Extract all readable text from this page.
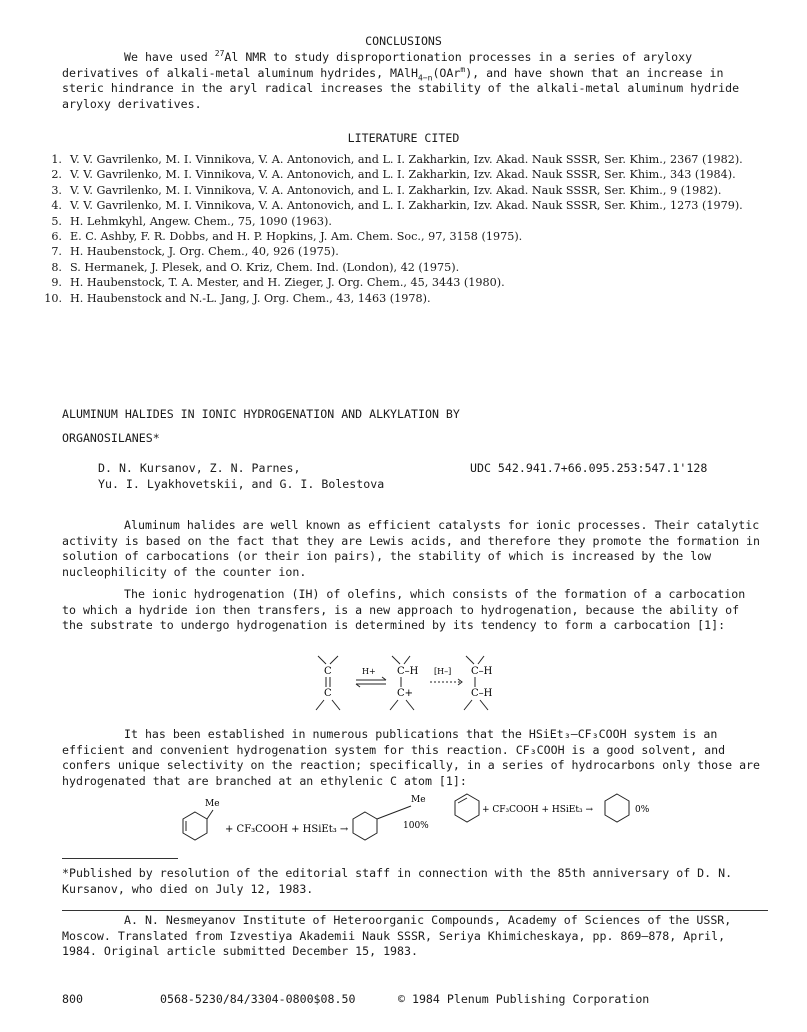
CONCLUSIONS
We have used $^{27}$Al NMR to study disproportionation processes in a series of aryloxy derivatives of alkali-metal aluminum hydrides, MAlH$_{4-n}$(OAr$^m$), and have shown that an increase in steric hindrance in the aryl radical increases the stability of the alkali-metal aluminum hydride aryloxy derivatives.
LITERATURE CITED
1. V. V. Gavrilenko, M. I. Vinnikova, V. A. Antonovich, and L. I. Zakharkin, Izv. Akad. Nauk SSSR, Ser. Khim., 2367 (1982).
2. V. V. Gavrilenko, M. I. Vinnikova, V. A. Antonovich, and L. I. Zakharkin, Izv. Akad. Nauk SSSR, Ser. Khim., 343 (1984).
3. V. V. Gavrilenko, M. I. Vinnikova, V. A. Antonovich, and L. I. Zakharkin, Izv. Akad. Nauk SSSR, Ser. Khim., 9 (1982).
4. V. V. Gavrilenko, M. I. Vinnikova, V. A. Antonovich, and L. I. Zakharkin, Izv. Akad. Nauk SSSR, Ser. Khim., 1273 (1979).
5. H. Lehmkyhl, Angew. Chem., 75, 1090 (1963).
6. E. C. Ashby, F. R. Dobbs, and H. P. Hopkins, J. Am. Chem. Soc., 97, 3158 (1975).
7. H. Haubenstock, J. Org. Chem., 40, 926 (1975).
8. S. Hermanek, J. Plesek, and O. Kriz, Chem. Ind. (London), 42 (1975).
9. H. Haubenstock, T. A. Mester, and H. Zieger, J. Org. Chem., 45, 3443 (1980).
10. H. Haubenstock and N.-L. Jang, J. Org. Chem., 43, 1463 (1978).
ALUMINUM HALIDES IN IONIC HYDROGENATION AND ALKYLATION BY
ORGANOSILANES*
D. N. Kursanov, Z. N. Parnes,
Yu. I. Lyakhovetskii, and G. I. Bolestova
UDC 542.941.7+66.095.253:547.1'128
Aluminum halides are well known as efficient catalysts for ionic processes. Their catalytic activity is based on the fact that they are Lewis acids, and therefore they promote the formation in solution of carbocations (or their ion pairs), the stability of which is increased by the low nucleophilicity of the counter ion.
The ionic hydrogenation (IH) of olefins, which consists of the formation of a carbocation to which a hydride ion then transfers, is a new approach to hydrogenation, because the ability of the substrate to undergo hydrogenation is determined by its tendency to form a carbocation [1]:
C
C
H+ C–H
C+
[H–] C–H
C–H
It has been established in numerous publications that the HSiEt₃–CF₃COOH system is an efficient and convenient hydrogenation system for this reaction. CF₃COOH is a good solvent, and confers unique selectivity on the reaction; specifically, in a series of hydrocarbons only those are hydrogenated that are branched at an ethylenic C atom [1]:
Me
+ CF₃COOH + HSiEt₃ →
Me
100%
+ CF₃COOH + HSiEt₃ →	0%
*Published by resolution of the editorial staff in connection with the 85th anniversary of D. N. Kursanov, who died on July 12, 1983.
A. N. Nesmeyanov Institute of Heteroorganic Compounds, Academy of Sciences of the USSR, Moscow. Translated from Izvestiya Akademii Nauk SSSR, Seriya Khimicheskaya, pp. 869–878, April, 1984. Original article submitted December 15, 1983.
800	0568-5230/84/3304-0800$08.50	© 1984 Plenum Publishing Corporation
